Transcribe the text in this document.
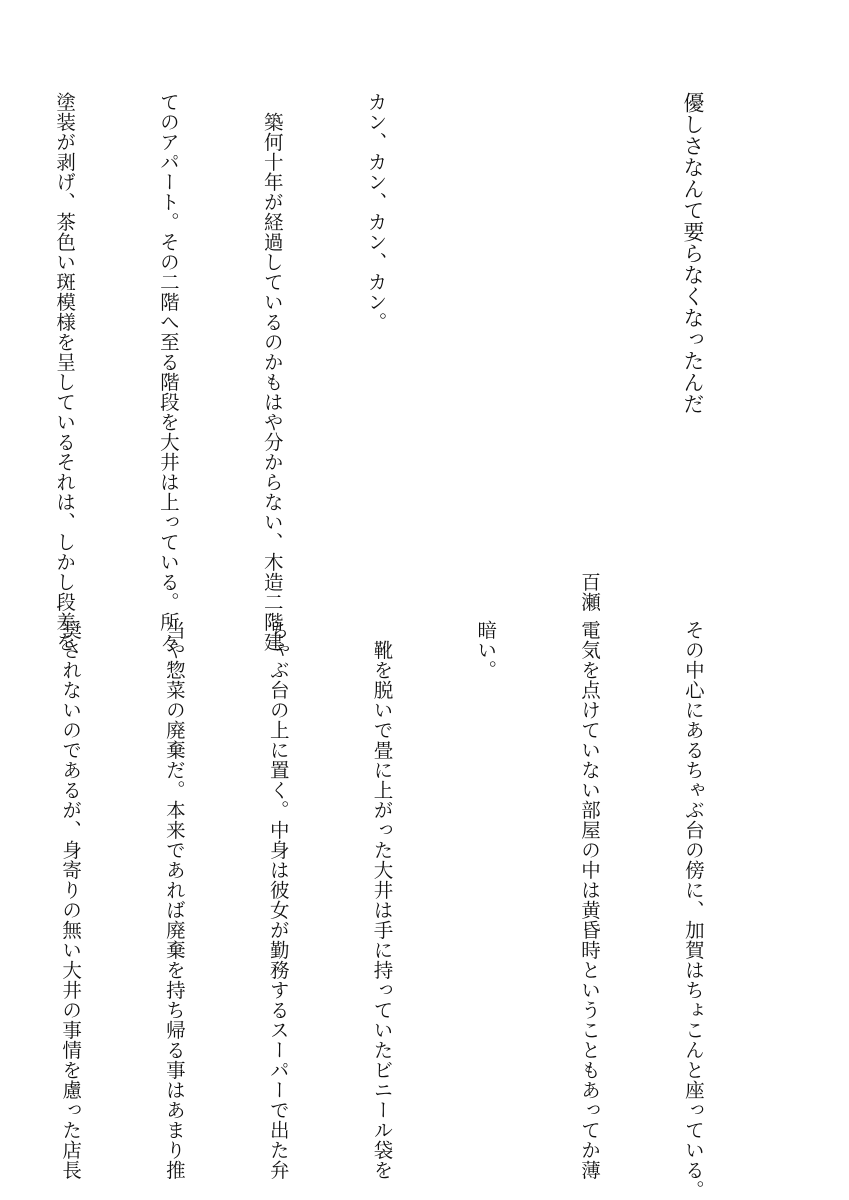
優しさなんて要らなくなったんだ

百瀬

カン、カン、カン、カン。

　築何十年が経過しているのかもはや分からない、木造二階建

てのアパート。その二階へ至る階段を大井は上っている。所々

塗装が剥げ、茶色い斑模様を呈しているそれは、しかし段差を

その中心にあるちゃぶ台の傍に、加賀はちょこんと座っている。

電気を点けていない部屋の中は黄昏時ということもあってか薄

暗い。

　靴を脱いで畳に上がった大井は手に持っていたビニール袋を

ちゃぶ台の上に置く。中身は彼女が勤務するスーパーで出た弁

当や惣菜の廃棄だ。本来であれば廃棄を持ち帰る事はあまり推

奨されないのであるが、身寄りの無い大井の事情を慮った店長
